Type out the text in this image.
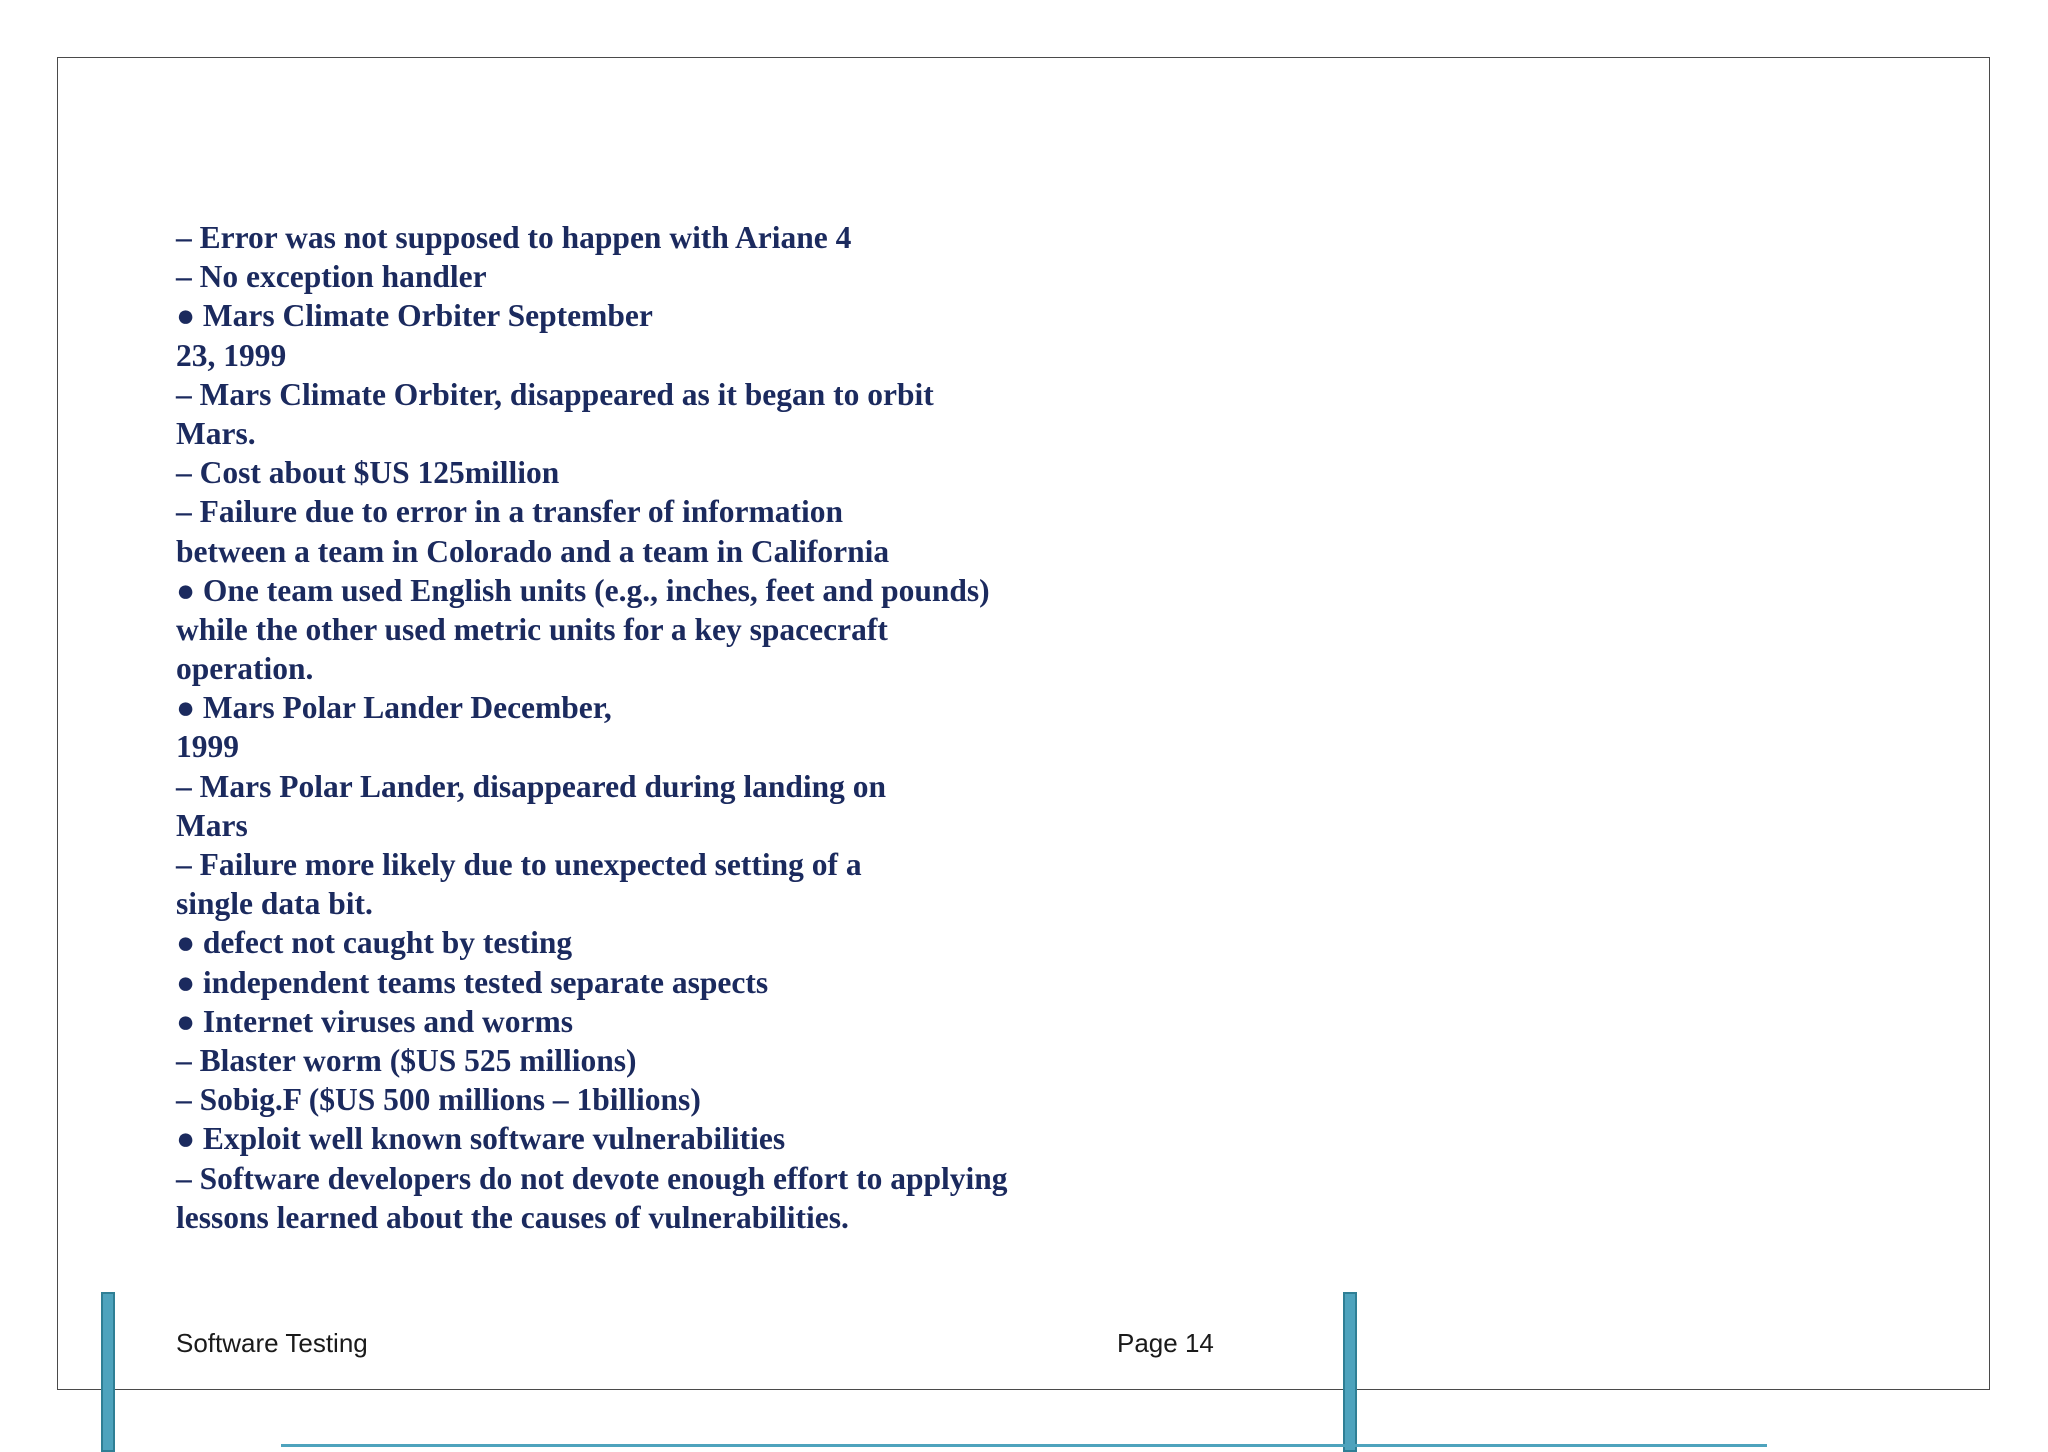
– Error was not supposed to happen with Ariane 4
– No exception handler
● Mars Climate Orbiter September
23, 1999
– Mars Climate Orbiter, disappeared as it began to orbit
Mars.
– Cost about $US 125million
– Failure due to error in a transfer of information
between a team in Colorado and a team in California
● One team used English units (e.g., inches, feet and pounds)
while the other used metric units for a key spacecraft
operation.
● Mars Polar Lander December,
1999
– Mars Polar Lander, disappeared during landing on
Mars
– Failure more likely due to unexpected setting of a
single data bit.
● defect not caught by testing
● independent teams tested separate aspects
● Internet viruses and worms
– Blaster worm ($US 525 millions)
– Sobig.F ($US 500 millions – 1billions)
● Exploit well known software vulnerabilities
– Software developers do not devote enough effort to applying
lessons learned about the causes of vulnerabilities.
Software Testing	Page 14
